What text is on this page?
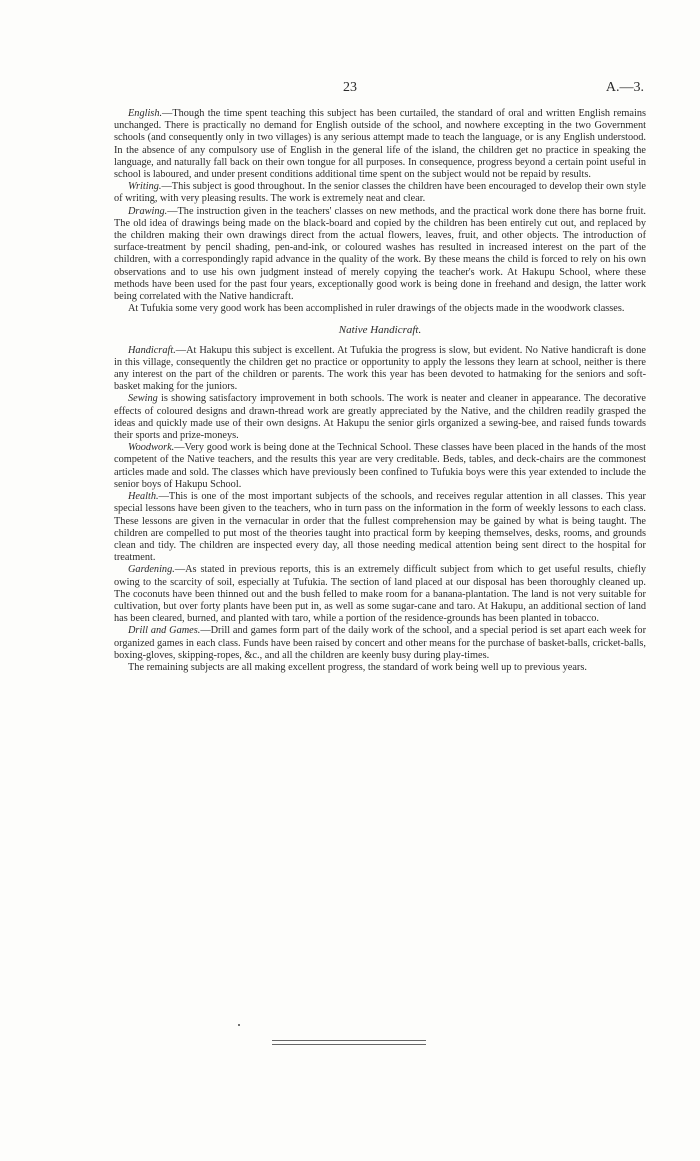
23	A.—3.

English.—Though the time spent teaching this subject has been curtailed, the standard of oral and written English remains unchanged. There is practically no demand for English outside of the school, and nowhere excepting in the two Government schools (and consequently only in two villages) is any serious attempt made to teach the language, or is any English understood. In the absence of any compulsory use of English in the general life of the island, the children get no practice in speaking the language, and naturally fall back on their own tongue for all purposes. In consequence, progress beyond a certain point useful in school is laboured, and under present conditions additional time spent on the subject would not be repaid by results.

Writing.—This subject is good throughout. In the senior classes the children have been encouraged to develop their own style of writing, with very pleasing results. The work is extremely neat and clear.

Drawing.—The instruction given in the teachers' classes on new methods, and the practical work done there has borne fruit. The old idea of drawings being made on the black-board and copied by the children has been entirely cut out, and replaced by the children making their own drawings direct from the actual flowers, leaves, fruit, and other objects. The introduction of surface-treatment by pencil shading, pen-and-ink, or coloured washes has resulted in increased interest on the part of the children, with a correspondingly rapid advance in the quality of the work. By these means the child is forced to rely on his own observations and to use his own judgment instead of merely copying the teacher's work. At Hakupu School, where these methods have been used for the past four years, exceptionally good work is being done in freehand and design, the latter work being correlated with the Native handicraft.

At Tufukia some very good work has been accomplished in ruler drawings of the objects made in the woodwork classes.

Native Handicraft.

Handicraft.—At Hakupu this subject is excellent. At Tufukia the progress is slow, but evident. No Native handicraft is done in this village, consequently the children get no practice or opportunity to apply the lessons they learn at school, neither is there any interest on the part of the children or parents. The work this year has been devoted to hatmaking for the seniors and soft-basket making for the juniors.

Sewing is showing satisfactory improvement in both schools. The work is neater and cleaner in appearance. The decorative effects of coloured designs and drawn-thread work are greatly appreciated by the Native, and the children readily grasped the ideas and quickly made use of their own designs. At Hakupu the senior girls organized a sewing-bee, and raised funds towards their sports and prize-moneys.

Woodwork.—Very good work is being done at the Technical School. These classes have been placed in the hands of the most competent of the Native teachers, and the results this year are very creditable. Beds, tables, and deck-chairs are the commonest articles made and sold. The classes which have previously been confined to Tufukia boys were this year extended to include the senior boys of Hakupu School.

Health.—This is one of the most important subjects of the schools, and receives regular attention in all classes. This year special lessons have been given to the teachers, who in turn pass on the information in the form of weekly lessons to each class. These lessons are given in the vernacular in order that the fullest comprehension may be gained by what is being taught. The children are compelled to put most of the theories taught into practical form by keeping themselves, desks, rooms, and grounds clean and tidy. The children are inspected every day, all those needing medical attention being sent direct to the hospital for treatment.

Gardening.—As stated in previous reports, this is an extremely difficult subject from which to get useful results, chiefly owing to the scarcity of soil, especially at Tufukia. The section of land placed at our disposal has been thoroughly cleaned up. The coconuts have been thinned out and the bush felled to make room for a banana-plantation. The land is not very suitable for cultivation, but over forty plants have been put in, as well as some sugar-cane and taro. At Hakupu, an additional section of land has been cleared, burned, and planted with taro, while a portion of the residence-grounds has been planted in tobacco.

Drill and Games.—Drill and games form part of the daily work of the school, and a special period is set apart each week for organized games in each class. Funds have been raised by concert and other means for the purchase of basket-balls, cricket-balls, boxing-gloves, skipping-ropes, &c., and all the children are keenly busy during play-times.

The remaining subjects are all making excellent progress, the standard of work being well up to previous years.
